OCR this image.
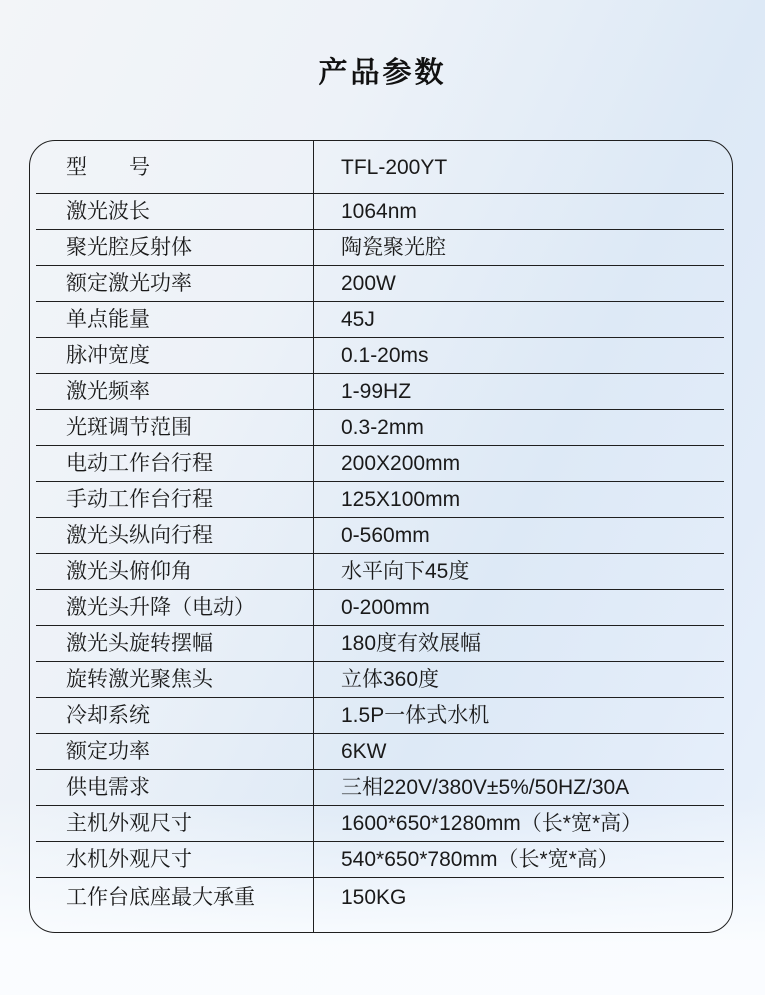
产品参数
型　　号	TFL-200YT
激光波长	1064nm
聚光腔反射体	陶瓷聚光腔
额定激光功率	200W
单点能量	45J
脉冲宽度	0.1-20ms
激光频率	1-99HZ
光斑调节范围	0.3-2mm
电动工作台行程	200X200mm
手动工作台行程	125X100mm
激光头纵向行程	0-560mm
激光头俯仰角	水平向下45度
激光头升降（电动）	0-200mm
激光头旋转摆幅	180度有效展幅
旋转激光聚焦头	立体360度
冷却系统	1.5P一体式水机
额定功率	6KW
供电需求	三相220V/380V±5%/50HZ/30A
主机外观尺寸	1600*650*1280mm（长*宽*高）
水机外观尺寸	540*650*780mm（长*宽*高）
工作台底座最大承重	150KG
